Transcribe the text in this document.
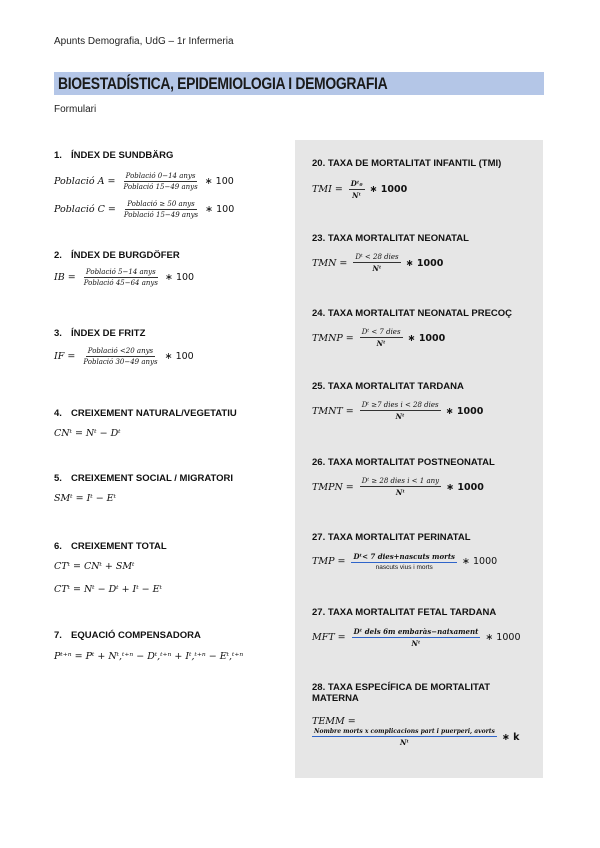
Apunts Demografia, UdG – 1r Infermeria
BIOESTADÍSTICA, EPIDEMIOLOGIA I DEMOGRAFIA
Formulari
1. ÍNDEX DE SUNDBÄRG
Població $A = \frac{\text{Població 0−14 anys}}{\text{Població 15−49 anys}}$ ∗ 100
Població $C = \frac{\text{Població ≥ 50 anys}}{\text{Població 15−49 anys}}$ ∗ 100
2. ÍNDEX DE BURGDÖFER
IB = $\frac{\text{Població 5−14 anys}}{\text{Població 45−64 anys}}$ ∗ 100
3. ÍNDEX DE FRITZ
IF = $\frac{\text{Població <20 anys}}{\text{Població 30−49 anys}}$ ∗ 100
4. CREIXEMENT NATURAL/VEGETATIU
CNᵗ = Nᵗ − Dᵗ
5. CREIXEMENT SOCIAL / MIGRATORI
SMᵗ = Iᵗ − Eᵗ
6. CREIXEMENT TOTAL
CTᵗ = CNᵗ + SMᵗ
CTᵗ = Nᵗ − Dᵗ + Iᵗ − Eᵗ
7. EQUACIÓ COMPENSADORA
Pᵗ⁺ⁿ = Pᵗ + Nᵗ,ᵗ⁺ⁿ − Dᵗ,ᵗ⁺ⁿ + Iᵗ,ᵗ⁺ⁿ − Eᵗ,ᵗ⁺ⁿ
20. TAXA DE MORTALITAT INFANTIL (TMI)
TMI = $\frac{\text{Dᵗ₀}}{\text{Nᵗ}}$ ∗ 1000
23. TAXA MORTALITAT NEONATAL
TMN = $\frac{\text{Dᵗ < 28 dies}}{\text{Nᵗ}}$ ∗ 1000
24. TAXA MORTALITAT NEONATAL PRECOÇ
TMNP = $\frac{\text{Dᵗ < 7 dies}}{\text{Nᵗ}}$ ∗ 1000
25. TAXA MORTALITAT TARDANA
TMNT = $\frac{\text{Dᵗ ≥7 dies i < 28 dies}}{\text{Nᵗ}}$ ∗ 1000
26. TAXA MORTALITAT POSTNEONATAL
TMPN = $\frac{\text{Dᵗ ≥ 28 dies i < 1 any}}{\text{Nᵗ}}$ ∗ 1000
27. TAXA MORTALITAT PERINATAL
TMP = $\frac{\text{Dᵗ< 7 dies+nascuts morts}}{\text{nascuts vius i morts}}$ ∗ 1000
27. TAXA MORTALITAT FETAL TARDANA
MFT = $\frac{\text{Dᵗ dels 6m embaràs−naixament}}{\text{Nᵗ}}$ ∗ 1000
28. TAXA ESPECÍFICA DE MORTALITAT
MATERNA
TEMM =
$\frac{\text{Nombre morts x complicacions part i puerperi, avorts}}{\text{Nᵗ}}$ ∗ k
